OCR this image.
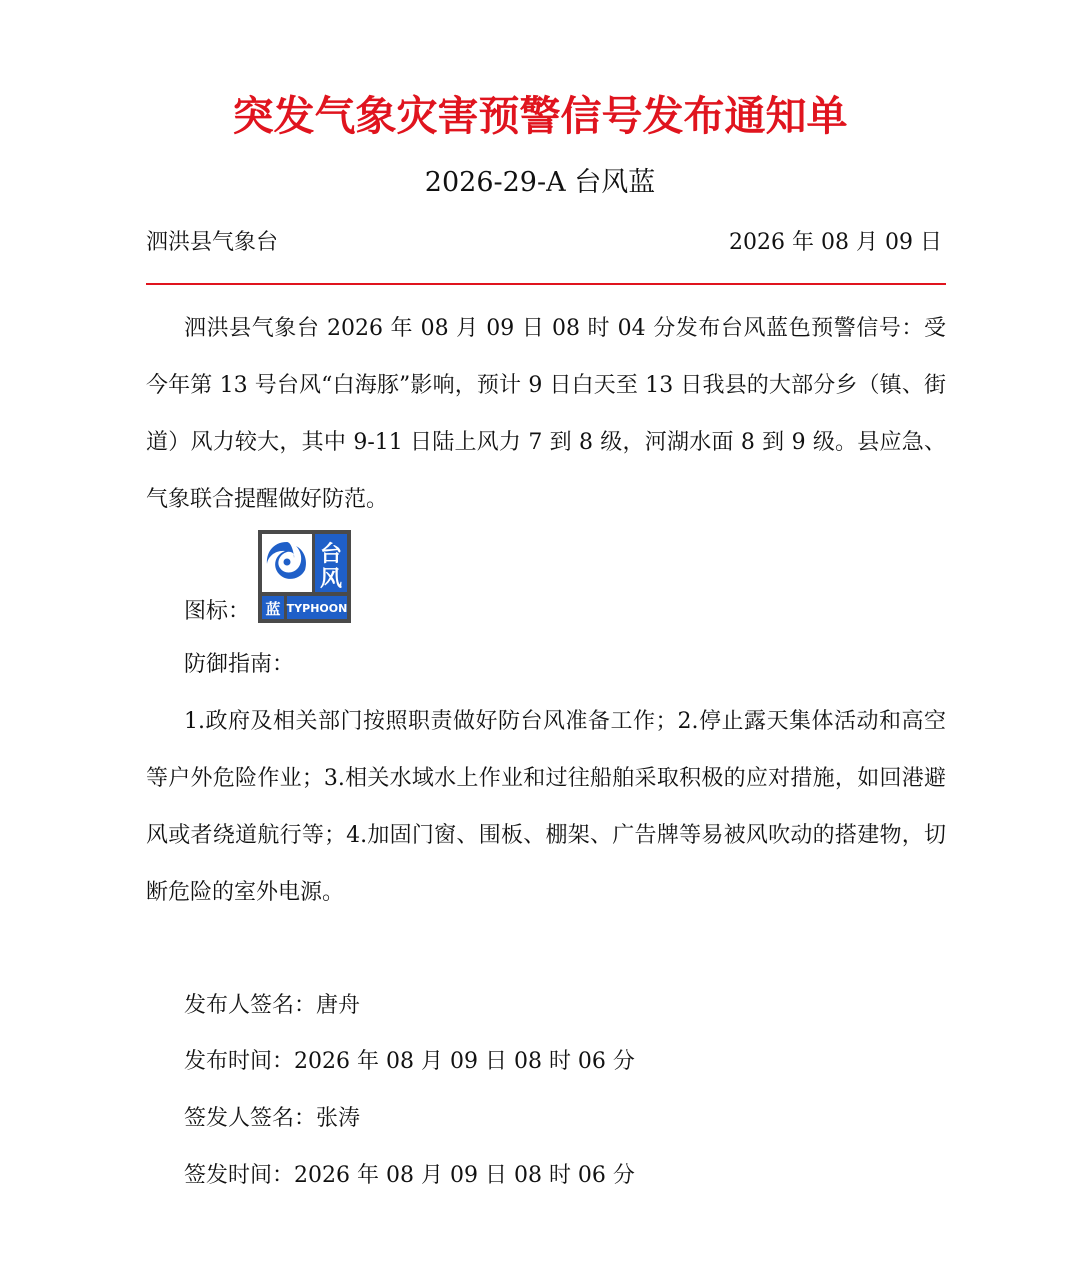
突发气象灾害预警信号发布通知单
2026-29-A 台风蓝
泗洪县气象台	2026 年 08 月 09 日

泗洪县气象台 2026 年 08 月 09 日 08 时 04 分发布台风蓝色预警信号：受今年第 13 号台风“白海豚”影响，预计 9 日白天至 13 日我县的大部分乡（镇、街道）风力较大，其中 9-11 日陆上风力 7 到 8 级，河湖水面 8 到 9 级。县应急、气象联合提醒做好防范。

图标：
台
风
蓝 TYPHOON
防御指南：

1.政府及相关部门按照职责做好防台风准备工作；2.停止露天集体活动和高空等户外危险作业；3.相关水域水上作业和过往船舶采取积极的应对措施，如回港避风或者绕道航行等；4.加固门窗、围板、棚架、广告牌等易被风吹动的搭建物，切断危险的室外电源。

发布人签名：唐舟
发布时间：2026 年 08 月 09 日 08 时 06 分
签发人签名：张涛
签发时间：2026 年 08 月 09 日 08 时 06 分
